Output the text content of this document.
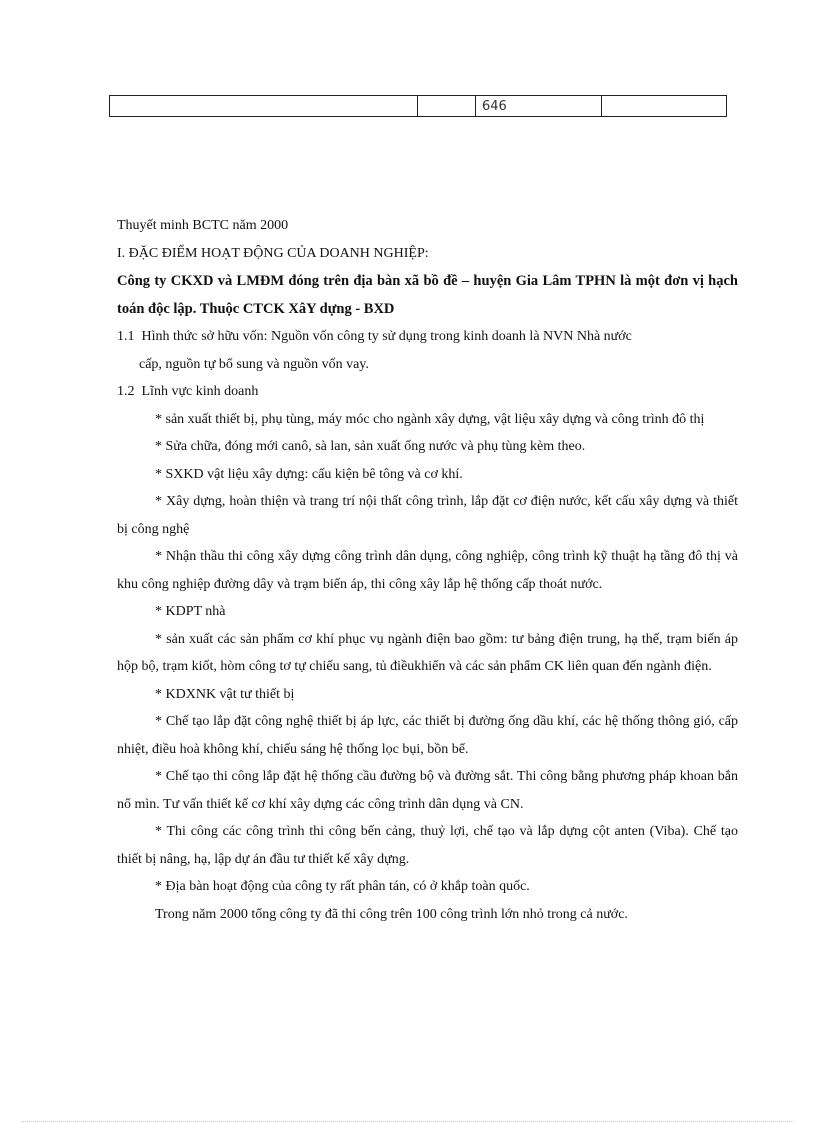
		646	

Thuyết minh BCTC năm 2000

I. ĐẶC ĐIỂM HOẠT ĐỘNG CỦA DOANH NGHIỆP:

Công ty CKXD và LMĐM đóng trên địa bàn xã bồ đề – huyện Gia Lâm TPHN là một đơn vị hạch toán độc lập. Thuộc CTCK XâY dựng - BXD

1.1 Hình thức sở hữu vốn: Nguồn vốn công ty sử dụng trong kinh doanh là NVN Nhà nước

cấp, nguồn tự bổ sung và nguồn vốn vay.

1.2 Lĩnh vực kinh doanh

* sản xuất thiết bị, phụ tùng, máy móc cho ngành xây dựng, vật liệu xây dựng và công trình đô thị

* Sửa chữa, đóng mới canô, sà lan, sản xuất ống nước và phụ tùng kèm theo.

* SXKD vật liệu xây dựng: cấu kiện bê tông và cơ khí.

* Xây dựng, hoàn thiện và trang trí nội thất công trình, lắp đặt cơ điện nước, kết cấu xây dựng và thiết bị công nghệ

* Nhận thầu thi công xây dựng công trình dân dụng, công nghiệp, công trình kỹ thuật hạ tầng đô thị và khu công nghiệp đường dây và trạm biến áp, thi công xây lắp hệ thống cấp thoát nước.

* KDPT nhà

* sản xuất các sản phẩm cơ khí phục vụ ngành điện bao gồm: tư bảng điện trung, hạ thế, trạm biến áp hộp bộ, trạm kiốt, hòm công tơ tự chiếu sang, tủ điềukhiển và các sản phẩm CK liên quan đến ngành điện.

* KDXNK vật tư thiết bị

* Chế tạo lắp đặt công nghệ thiết bị áp lực, các thiết bị đường ống dầu khí, các hệ thống thông gió, cấp nhiệt, điều hoà không khí, chiếu sáng hệ thống lọc bụi, bồn bể.

* Chế tạo thi công lắp đặt hệ thống cầu đường bộ và đường sắt. Thi công bằng phương pháp khoan bắn nổ mìn. Tư vấn thiết kế cơ khí xây dựng các công trình dân dụng và CN.

* Thi công các công trình thi công bến cảng, thuỷ lợi, chế tạo và lắp dựng cột anten (Viba). Chế tạo thiết bị nâng, hạ, lập dự án đầu tư thiết kế xây dựng.

* Địa bàn hoạt động của công ty rất phân tán, có ở khắp toàn quốc.

Trong năm 2000 tổng công ty đã thi công trên 100 công trình lớn nhỏ trong cả nước.
